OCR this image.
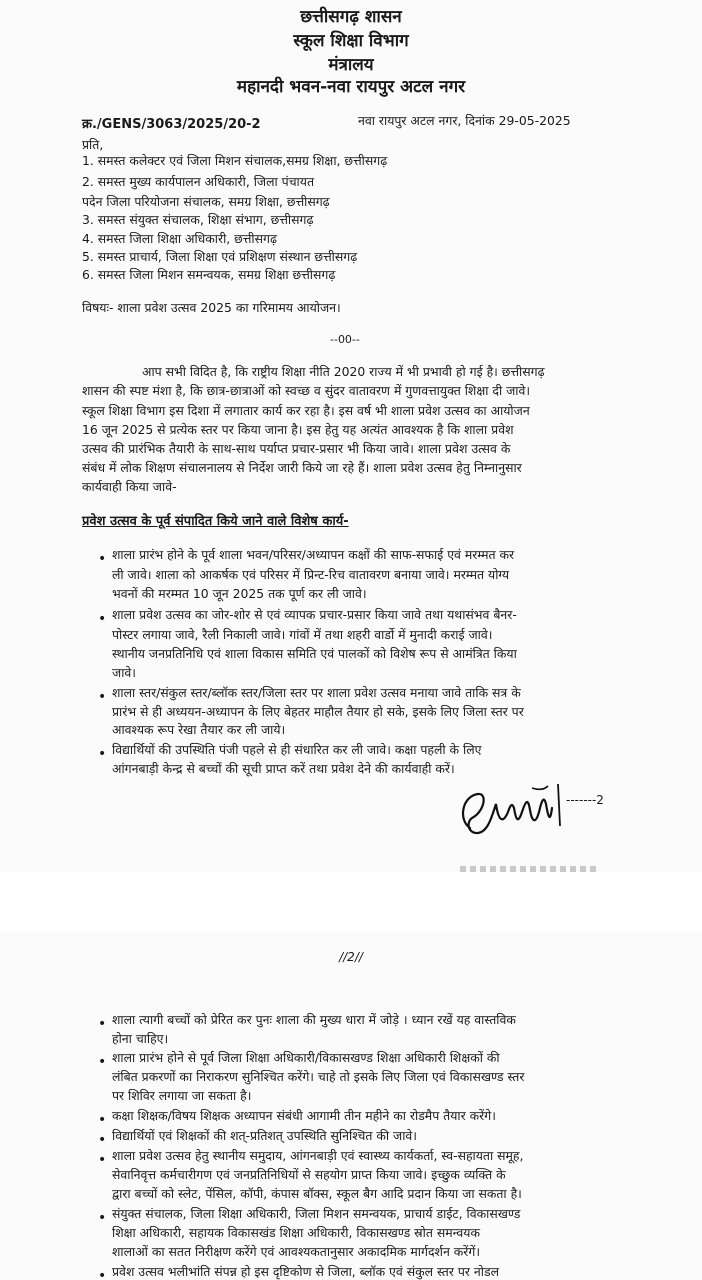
छत्तीसगढ़ शासन
स्कूल शिक्षा विभाग
मंत्रालय
महानदी भवन-नवा रायपुर अटल नगर
क्र./GENS/3063/2025/20-2	नवा रायपुर अटल नगर, दिनांक 29-05-2025
प्रति,
1. समस्त कलेक्टर एवं जिला मिशन संचालक,समग्र शिक्षा, छत्तीसगढ़
2. समस्त मुख्य कार्यपालन अधिकारी, जिला पंचायत
पदेन जिला परियोजना संचालक, समग्र शिक्षा, छत्तीसगढ़
3. समस्त संयुक्त संचालक, शिक्षा संभाग, छत्तीसगढ़
4. समस्त जिला शिक्षा अधिकारी, छत्तीसगढ़
5. समस्त प्राचार्य, जिला शिक्षा एवं प्रशिक्षण संस्थान छत्तीसगढ़
6. समस्त जिला मिशन समन्वयक, समग्र शिक्षा छत्तीसगढ़
विषयः- शाला प्रवेश उत्सव 2025 का गरिमामय आयोजन।
--00--
आप सभी विदित है, कि राष्ट्रीय शिक्षा नीति 2020 राज्य में भी प्रभावी हो गई है। छत्तीसगढ़
शासन की स्पष्ट मंशा है, कि छात्र-छात्राओं को स्वच्छ व सुंदर वातावरण में गुणवत्तायुक्त शिक्षा दी जावे।
स्कूल शिक्षा विभाग इस दिशा में लगातार कार्य कर रहा है। इस वर्ष भी शाला प्रवेश उत्सव का आयोजन
16 जून 2025 से प्रत्येक स्तर पर किया जाना है। इस हेतु यह अत्यंत आवश्यक है कि शाला प्रवेश
उत्सव की प्रारंभिक तैयारी के साथ-साथ पर्याप्त प्रचार-प्रसार भी किया जावे। शाला प्रवेश उत्सव के
संबंध में लोक शिक्षण संचालनालय से निर्देश जारी किये जा रहे हैं। शाला प्रवेश उत्सव हेतु निम्नानुसार
कार्यवाही किया जावे-
प्रवेश उत्सव के पूर्व संपादित किये जाने वाले विशेष कार्य-
• शाला प्रारंभ होने के पूर्व शाला भवन/परिसर/अध्यापन कक्षों की साफ-सफाई एवं मरम्मत कर
ली जावे। शाला को आकर्षक एवं परिसर में प्रिन्ट-रिच वातावरण बनाया जावे। मरम्मत योग्य
भवनों की मरम्मत 10 जून 2025 तक पूर्ण कर ली जावे।
• शाला प्रवेश उत्सव का जोर-शोर से एवं व्यापक प्रचार-प्रसार किया जावे तथा यथासंभव बैनर-
पोस्टर लगाया जावे, रैली निकाली जावे। गांवों में तथा शहरी वार्डो में मुनादी कराई जावे।
स्थानीय जनप्रतिनिधि एवं शाला विकास समिति एवं पालकों को विशेष रूप से आमंत्रित किया
जावे।
• शाला स्तर/संकुल स्तर/ब्लॉक स्तर/जिला स्तर पर शाला प्रवेश उत्सव मनाया जावे ताकि सत्र के
प्रारंभ से ही अध्ययन-अध्यापन के लिए बेहतर माहौल तैयार हो सके, इसके लिए जिला स्तर पर
आवश्यक रूप रेखा तैयार कर ली जाये।
• विद्यार्थियों की उपस्थिति पंजी पहले से ही संधारित कर ली जावे। कक्षा पहली के लिए
आंगनबाड़ी केन्द्र से बच्चों की सूची प्राप्त करें तथा प्रवेश देने की कार्यवाही करें।
-------2
//2//
• शाला त्यागी बच्चों को प्रेरित कर पुनः शाला की मुख्य धारा में जोड़े । ध्यान रखें यह वास्तविक
होना चाहिए।
• शाला प्रारंभ होने से पूर्व जिला शिक्षा अधिकारी/विकासखण्ड शिक्षा अधिकारी शिक्षकों की
लंबित प्रकरणों का निराकरण सुनिश्चित करेंगे। चाहे तो इसके लिए जिला एवं विकासखण्ड स्तर
पर शिविर लगाया जा सकता है।
• कक्षा शिक्षक/विषय शिक्षक अध्यापन संबंधी आगामी तीन महीने का रोडमैप तैयार करेंगे।
• विद्यार्थियों एवं शिक्षकों की शत्-प्रतिशत् उपस्थिति सुनिश्चित की जावे।
• शाला प्रवेश उत्सव हेतु स्थानीय समुदाय, आंगनबाड़ी एवं स्वास्थ्य कार्यकर्ता, स्व-सहायता समूह,
सेवानिवृत्त कर्मचारीगण एवं जनप्रतिनिधियों से सहयोग प्राप्त किया जावे। इच्छुक व्यक्ति के
द्वारा बच्चों को स्लेट, पेंसिल, कॉपी, कंपास बॉक्स, स्कूल बैग आदि प्रदान किया जा सकता है।
• संयुक्त संचालक, जिला शिक्षा अधिकारी, जिला मिशन समन्वयक, प्राचार्य डाईट, विकासखण्ड
शिक्षा अधिकारी, सहायक विकासखंड शिक्षा अधिकारी, विकासखण्ड स्रोत समन्वयक
शालाओं का सतत निरीक्षण करेंगे एवं आवश्यकतानुसार अकादमिक मार्गदर्शन करेंगें।
• प्रवेश उत्सव भलीभांति संपन्न हो इस दृष्टिकोण से जिला, ब्लॉक एवं संकुल स्तर पर नोडल
